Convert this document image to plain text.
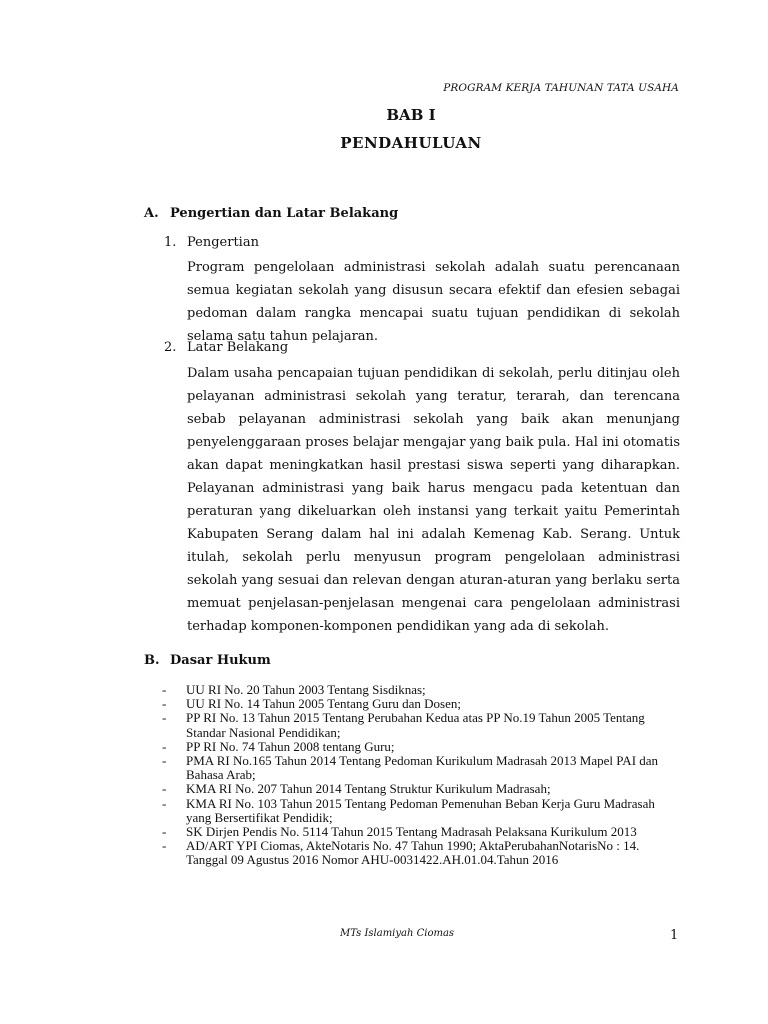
PROGRAM KERJA TAHUNAN TATA USAHA
BAB I
PENDAHULUAN
A. Pengertian dan Latar Belakang
1. Pengertian

Program pengelolaan administrasi sekolah adalah suatu perencanaan semua kegiatan sekolah yang disusun secara efektif dan efesien sebagai pedoman dalam rangka mencapai suatu tujuan pendidikan di sekolah selama satu tahun pelajaran.

2. Latar Belakang

Dalam usaha pencapaian tujuan pendidikan di sekolah, perlu ditinjau oleh pelayanan administrasi sekolah yang teratur, terarah, dan terencana sebab pelayanan administrasi sekolah yang baik akan menunjang penyelenggaraan proses belajar mengajar yang baik pula. Hal ini otomatis akan dapat meningkatkan hasil prestasi siswa seperti yang diharapkan. Pelayanan administrasi yang baik harus mengacu pada ketentuan dan peraturan yang dikeluarkan oleh instansi yang terkait yaitu Pemerintah Kabupaten Serang dalam hal ini adalah Kemenag Kab. Serang. Untuk itulah, sekolah perlu menyusun program pengelolaan administrasi sekolah yang sesuai dan relevan dengan aturan-aturan yang berlaku serta memuat penjelasan-penjelasan mengenai cara pengelolaan administrasi terhadap komponen-komponen pendidikan yang ada di sekolah.

B. Dasar Hukum
- UU RI No. 20 Tahun 2003 Tentang Sisdiknas;
- UU RI No. 14 Tahun 2005 Tentang Guru dan Dosen;
- PP RI No. 13 Tahun 2015 Tentang Perubahan Kedua atas PP No.19 Tahun 2005 Tentang Standar Nasional Pendidikan;
- PP RI No. 74 Tahun 2008 tentang Guru;
- PMA RI No.165 Tahun 2014 Tentang Pedoman Kurikulum Madrasah 2013 Mapel PAI dan Bahasa Arab;
- KMA RI No. 207 Tahun 2014 Tentang Struktur Kurikulum Madrasah;
- KMA RI No. 103 Tahun 2015 Tentang Pedoman Pemenuhan Beban Kerja Guru Madrasah yang Bersertifikat Pendidik;
- SK Dirjen Pendis No. 5114 Tahun 2015 Tentang Madrasah Pelaksana Kurikulum 2013
- AD/ART YPI Ciomas, AkteNotaris No. 47 Tahun 1990; AktaPerubahanNotarisNo : 14. Tanggal 09 Agustus 2016 Nomor AHU-0031422.AH.01.04.Tahun 2016
MTs Islamiyah Ciomas	1
